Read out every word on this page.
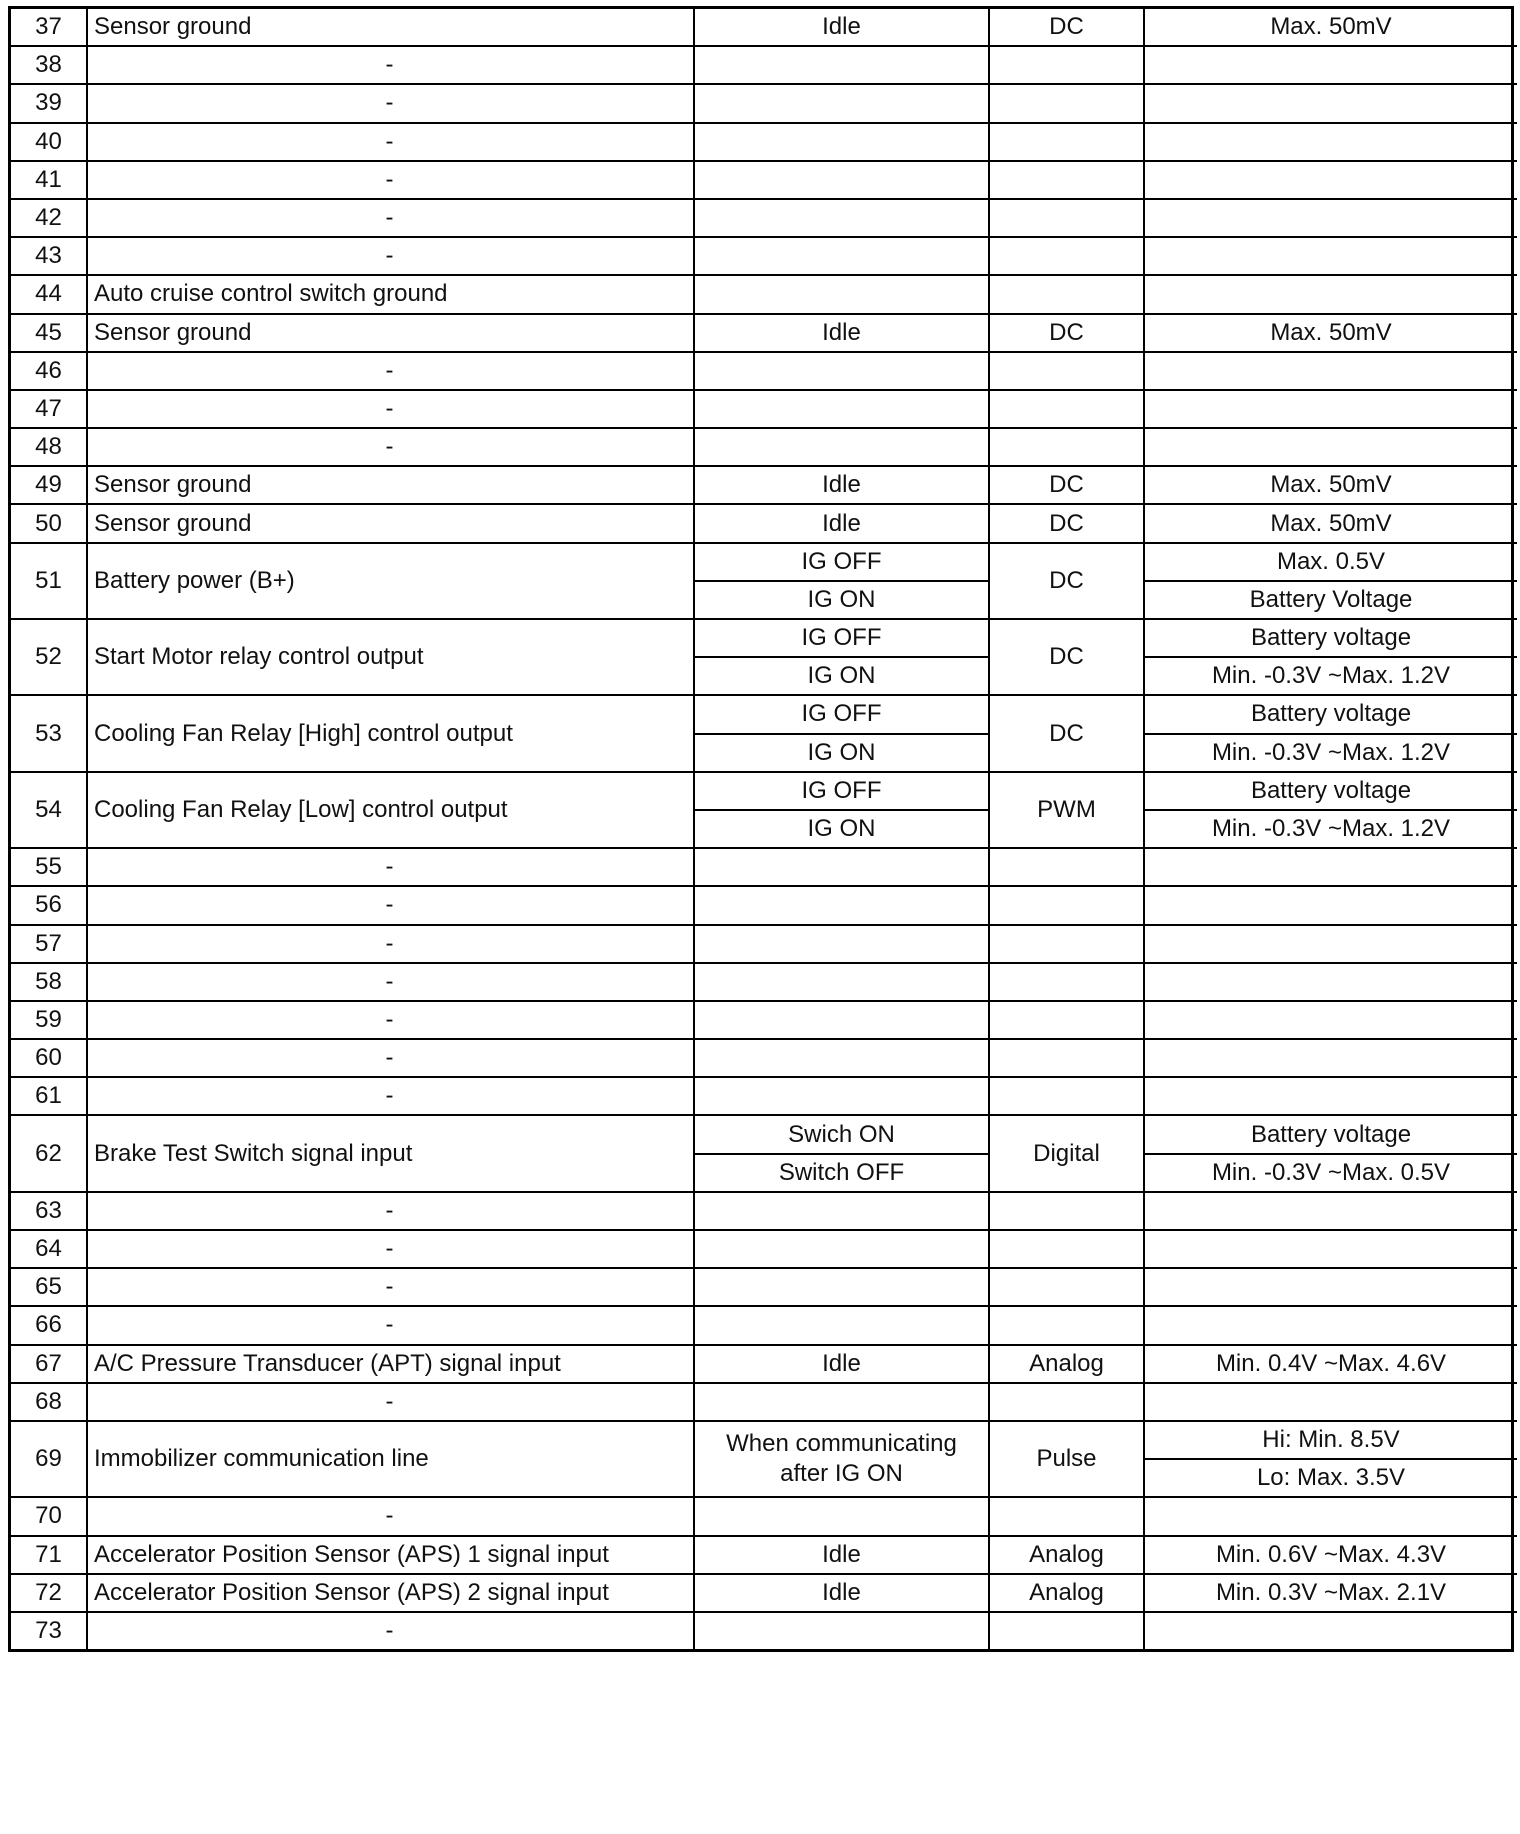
37	Sensor ground	Idle	DC	Max. 50mV
38	-			
39	-			
40	-			
41	-			
42	-			
43	-			
44	Auto cruise control switch ground			
45	Sensor ground	Idle	DC	Max. 50mV
46	-			
47	-			
48	-			
49	Sensor ground	Idle	DC	Max. 50mV
50	Sensor ground	Idle	DC	Max. 50mV
51	Battery power (B+)	IG OFF	DC	Max. 0.5V
		IG ON		Battery Voltage
52	Start Motor relay control output	IG OFF	DC	Battery voltage
		IG ON		Min. -0.3V ~Max. 1.2V
53	Cooling Fan Relay [High] control output	IG OFF	DC	Battery voltage
		IG ON		Min. -0.3V ~Max. 1.2V
54	Cooling Fan Relay [Low] control output	IG OFF	PWM	Battery voltage
		IG ON		Min. -0.3V ~Max. 1.2V
55	-			
56	-			
57	-			
58	-			
59	-			
60	-			
61	-			
62	Brake Test Switch signal input	Swich ON	Digital	Battery voltage
		Switch OFF		Min. -0.3V ~Max. 0.5V
63	-			
64	-			
65	-			
66	-			
67	A/C Pressure Transducer (APT) signal input	Idle	Analog	Min. 0.4V ~Max. 4.6V
68	-			
69	Immobilizer communication line	When communicating after IG ON	Pulse	Hi: Min. 8.5V
				Lo: Max. 3.5V
70	-			
71	Accelerator Position Sensor (APS) 1 signal input	Idle	Analog	Min. 0.6V ~Max. 4.3V
72	Accelerator Position Sensor (APS) 2 signal input	Idle	Analog	Min. 0.3V ~Max. 2.1V
73	-			
